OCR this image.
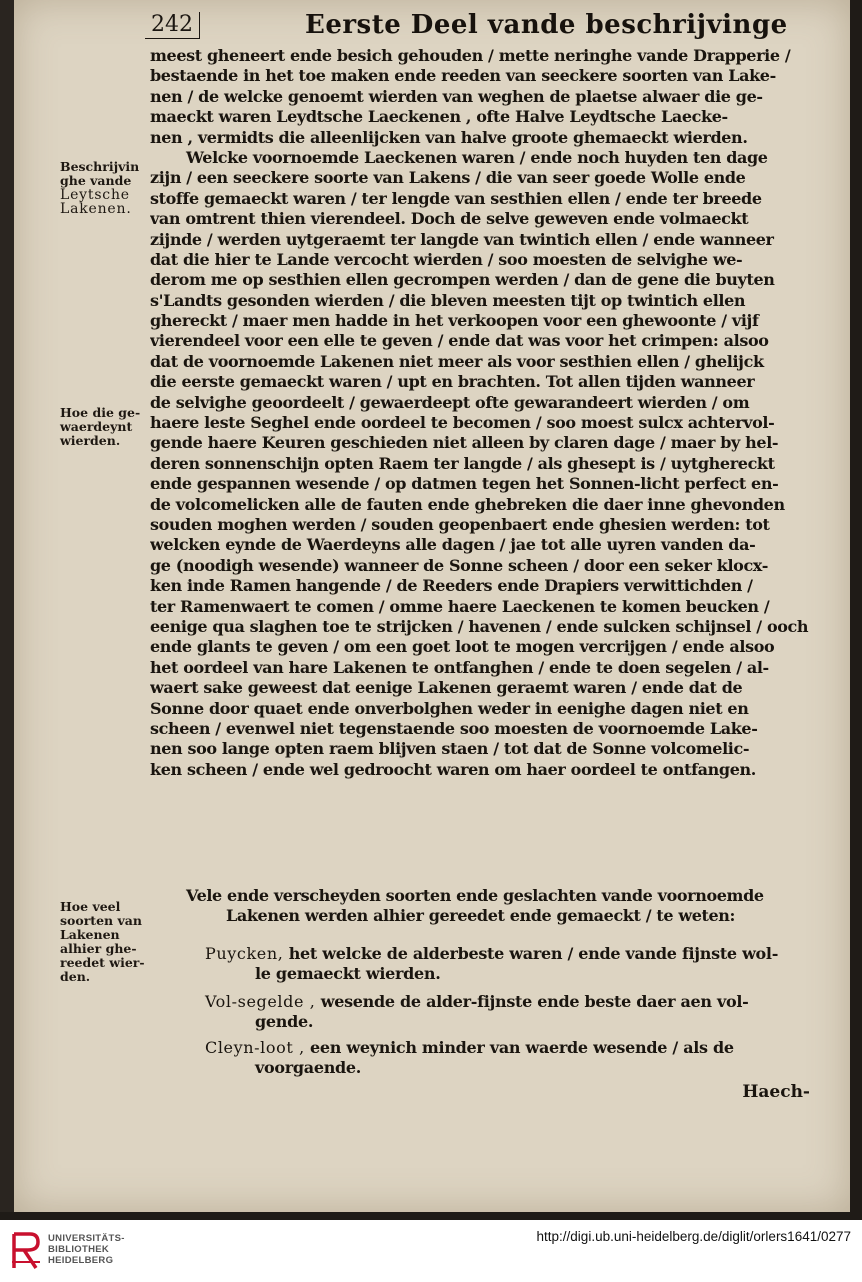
242	Eerste Deel vande beschrijvinge
meest gheneert ende besich gehouden / mette neringhe vande Drapperie /
bestaende in het toe maken ende reeden van seeckere soorten van Lake-
nen / de welcke genoemt wierden van weghen de plaetse alwaer die ge-
maeckt waren Leydtsche Laeckenen , ofte Halve Leydtsche Laecke-
nen , vermidts die alleenlijcken van halve groote ghemaeckt wierden.
Welcke voornoemde Laeckenen waren / ende noch huyden ten dage
zijn / een seeckere soorte van Lakens / die van seer goede Wolle ende
stoffe gemaeckt waren / ter lengde van sesthien ellen / ende ter breede
van omtrent thien vierendeel. Doch de selve geweven ende volmaeckt
zijnde / werden uytgeraemt ter langde van twintich ellen / ende wanneer
dat die hier te Lande vercocht wierden / soo moesten de selvighe we-
derom me op sesthien ellen gecrompen werden / dan de gene die buyten
s'Landts gesonden wierden / die bleven meesten tijt op twintich ellen
ghereckt / maer men hadde in het verkoopen voor een ghewoonte / vijf
vierendeel voor een elle te geven / ende dat was voor het crimpen: alsoo
dat de voornoemde Lakenen niet meer als voor sesthien ellen / ghelijck
die eerste gemaeckt waren / upt en brachten. Tot allen tijden wanneer
de selvighe geoordeelt / gewaerdeept ofte gewarandeert wierden / om
haere leste Seghel ende oordeel te becomen / soo moest sulcx achtervol-
gende haere Keuren geschieden niet alleen by claren dage / maer by hel-
deren sonnenschijn opten Raem ter langde / als ghesept is / uytghereckt
ende gespannen wesende / op datmen tegen het Sonnen-licht perfect en-
de volcomelicken alle de fauten ende ghebreken die daer inne ghevonden
souden moghen werden / souden geopenbaert ende ghesien werden: tot
welcken eynde de Waerdeyns alle dagen / jae tot alle uyren vanden da-
ge (noodigh wesende) wanneer de Sonne scheen / door een seker klocx-
ken inde Ramen hangende / de Reeders ende Drapiers verwittichden /
ter Ramenwaert te comen / omme haere Laeckenen te komen beucken /
eenige qua slaghen toe te strijcken / havenen / ende sulcken schijnsel / ooch
ende glants te geven / om een goet loot te mogen vercrijgen / ende alsoo
het oordeel van hare Lakenen te ontfanghen / ende te doen segelen / al-
waert sake geweest dat eenige Lakenen geraemt waren / ende dat de
Sonne door quaet ende onverbolghen weder in eenighe dagen niet en
scheen / evenwel niet tegenstaende soo moesten de voornoemde Lake-
nen soo lange opten raem blijven staen / tot dat de Sonne volcomelic-
ken scheen / ende wel gedroocht waren om haer oordeel te ontfangen.
Beschrijvin
ghe vande
Leytsche
Lakenen.
Hoe die ge-
waerdeynt
wierden.
Hoe veel
soorten van
Lakenen
alhier ghe-
reedet wier-
den.
Vele ende verscheyden soorten ende geslachten vande voornoemde
Lakenen werden alhier gereedet ende gemaeckt / te weten:
Puycken, het welcke de alderbeste waren / ende vande fijnste wol-
le gemaeckt wierden.
Vol-segelde , wesende de alder-fijnste ende beste daer aen vol-
gende.
Cleyn-loot , een weynich minder van waerde wesende / als de
voorgaende.
Haech-
UNIVERSITÄTS-
BIBLIOTHEK
HEIDELBERG
http://digi.ub.uni-heidelberg.de/diglit/orlers1641/0277
